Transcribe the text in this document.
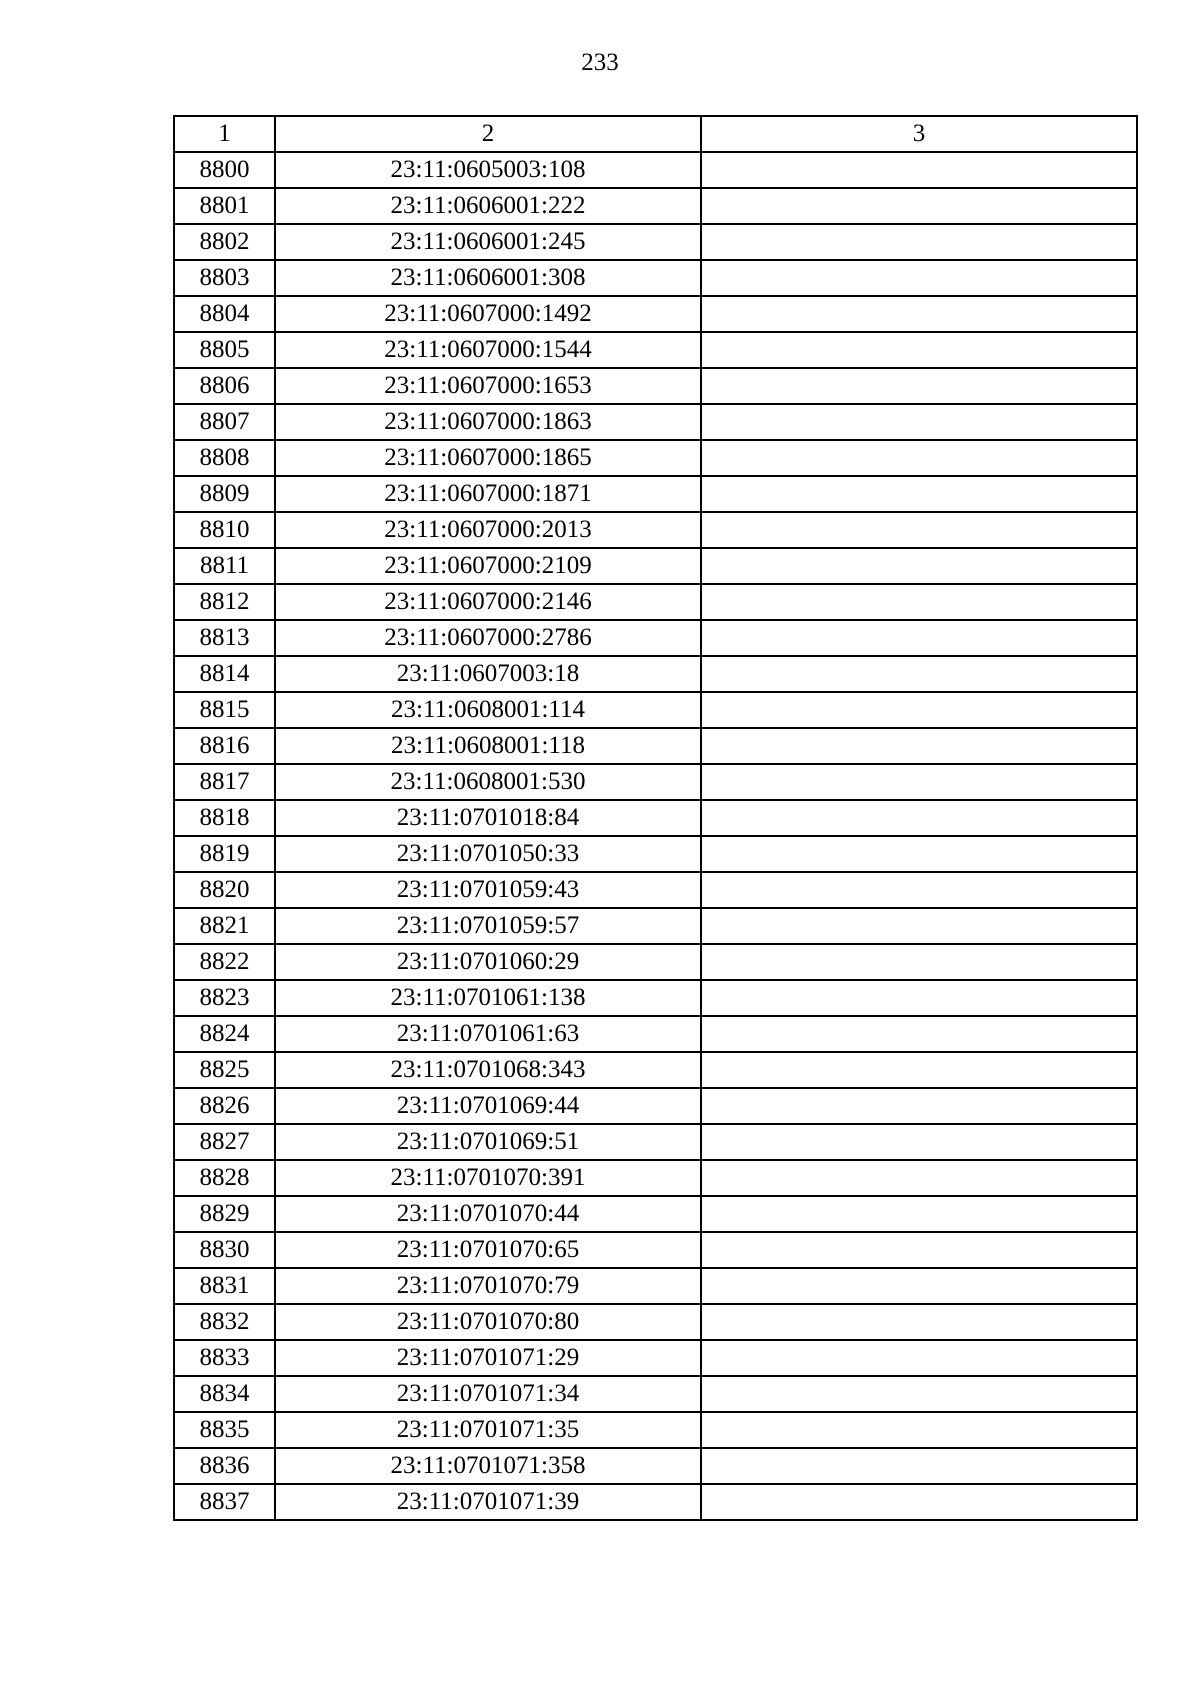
233
1	2	3
8800	23:11:0605003:108	
8801	23:11:0606001:222	
8802	23:11:0606001:245	
8803	23:11:0606001:308	
8804	23:11:0607000:1492	
8805	23:11:0607000:1544	
8806	23:11:0607000:1653	
8807	23:11:0607000:1863	
8808	23:11:0607000:1865	
8809	23:11:0607000:1871	
8810	23:11:0607000:2013	
8811	23:11:0607000:2109	
8812	23:11:0607000:2146	
8813	23:11:0607000:2786	
8814	23:11:0607003:18	
8815	23:11:0608001:114	
8816	23:11:0608001:118	
8817	23:11:0608001:530	
8818	23:11:0701018:84	
8819	23:11:0701050:33	
8820	23:11:0701059:43	
8821	23:11:0701059:57	
8822	23:11:0701060:29	
8823	23:11:0701061:138	
8824	23:11:0701061:63	
8825	23:11:0701068:343	
8826	23:11:0701069:44	
8827	23:11:0701069:51	
8828	23:11:0701070:391	
8829	23:11:0701070:44	
8830	23:11:0701070:65	
8831	23:11:0701070:79	
8832	23:11:0701070:80	
8833	23:11:0701071:29	
8834	23:11:0701071:34	
8835	23:11:0701071:35	
8836	23:11:0701071:358	
8837	23:11:0701071:39	
